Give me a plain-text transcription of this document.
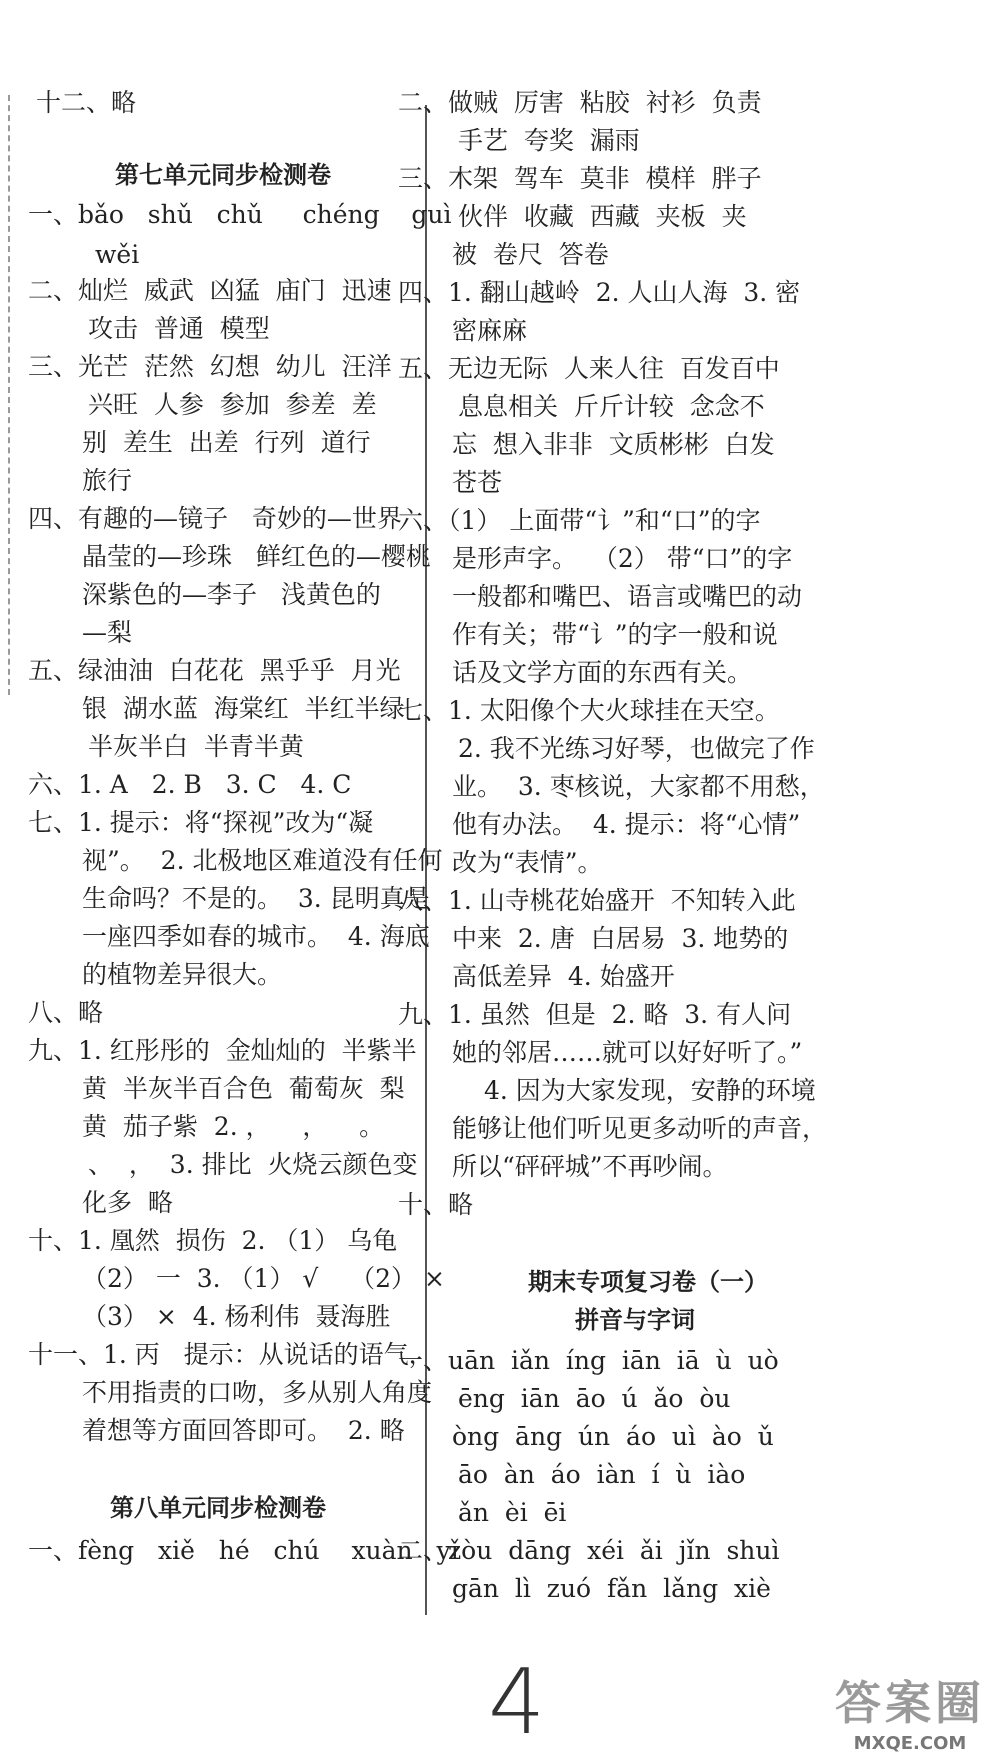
十二、略
第七单元同步检测卷
一、bǎo   shǔ   chǔ     chéng    guì
wěi
二、灿烂  威武  凶猛  庙门  迅速
攻击  普通  模型
三、光芒  茫然  幻想  幼儿  汪洋
兴旺  人参  参加  参差  差
别  差生  出差  行列  道行
旅行
四、有趣的—镜子   奇妙的—世界
晶莹的—珍珠   鲜红色的—樱桃
深紫色的—李子   浅黄色的
—梨
五、绿油油  白花花  黑乎乎  月光
银  湖水蓝  海棠红  半红半绿
半灰半白  半青半黄
六、1. A   2. B   3. C   4. C
七、1. 提示：将“探视”改为“凝
视”。  2. 北极地区难道没有任何
生命吗？不是的。  3. 昆明真是
一座四季如春的城市。  4. 海底
的植物差异很大。
八、略
九、1. 红彤彤的  金灿灿的  半紫半
黄  半灰半百合色  葡萄灰  梨
黄  茄子紫  2. ，    ，    。
、  ，  3. 排比  火烧云颜色变
化多  略
十、1. 凰然  损伤  2. （1） 乌龟
（2） 一  3. （1） √    （2） ×
（3） ×  4. 杨利伟  聂海胜
十一、1. 丙   提示：从说话的语气，
不用指责的口吻，多从别人角度
着想等方面回答即可。  2. 略
第八单元同步检测卷
一、fèng   xiě   hé   chú    xuàn   yǐ
二、做贼  厉害  粘胶  衬衫  负责
手艺  夸奖  漏雨
三、木架  驾车  莫非  模样  胖子
伙伴  收藏  西藏  夹板  夹
被  卷尺  答卷
四、1. 翻山越岭  2. 人山人海  3. 密
密麻麻
五、无边无际  人来人往  百发百中
息息相关  斤斤计较  念念不
忘  想入非非  文质彬彬  白发
苍苍
六、（1） 上面带“讠”和“口”的字
是形声字。  （2） 带“口”的字
一般都和嘴巴、语言或嘴巴的动
作有关；带“讠”的字一般和说
话及文学方面的东西有关。
七、1. 太阳像个大火球挂在天空。
2. 我不光练习好琴，也做完了作
业。  3. 枣核说，大家都不用愁，
他有办法。  4. 提示：将“心情”
改为“表情”。
八、1. 山寺桃花始盛开  不知转入此
中来  2. 唐  白居易  3. 地势的
高低差异  4. 始盛开
九、1. 虽然  但是  2. 略  3. 有人问
她的邻居……就可以好好听了。”
4. 因为大家发现，安静的环境
能够让他们听见更多动听的声音，
所以“砰砰城”不再吵闹。
十、略
期末专项复习卷（一）
拼音与字词
一、uān  iǎn  íng  iān  iā  ù  uò
ēng  iān  āo  ú  ǎo  òu
òng  āng  ún  áo  uì  ào  ǔ
āo  àn  áo  iàn  í  ù  iào
ǎn  èi  ēi
二、zòu  dāng  xéi  ǎi  jǐn  shuì
gān  lì  zuó  fǎn  lǎng  xiè
4	答案圈
MXQE.COM
